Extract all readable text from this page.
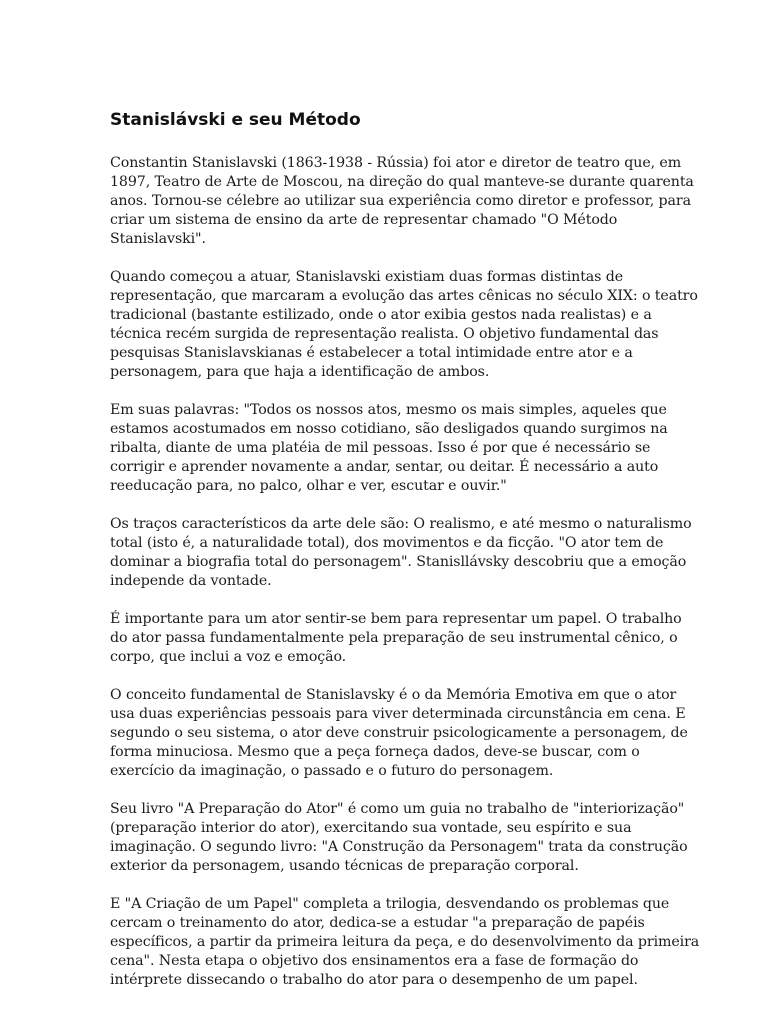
Stanislávski e seu Método

Constantin Stanislavski (1863-1938 - Rússia) foi ator e diretor de teatro que, em 1897, Teatro de Arte de Moscou, na direção do qual manteve-se durante quarenta anos. Tornou-se célebre ao utilizar sua experiência como diretor e professor, para criar um sistema de ensino da arte de representar chamado "O Método Stanislavski".

Quando começou a atuar, Stanislavski existiam duas formas distintas de representação, que marcaram a evolução das artes cênicas no século XIX: o teatro tradicional (bastante estilizado, onde o ator exibia gestos nada realistas) e a técnica recém surgida de representação realista. O objetivo fundamental das pesquisas Stanislavskianas é estabelecer a total intimidade entre ator e a personagem, para que haja a identificação de ambos.

Em suas palavras: "Todos os nossos atos, mesmo os mais simples, aqueles que estamos acostumados em nosso cotidiano, são desligados quando surgimos na ribalta, diante de uma platéia de mil pessoas. Isso é por que é necessário se corrigir e aprender novamente a andar, sentar, ou deitar. É necessário a auto reeducação para, no palco, olhar e ver, escutar e ouvir."

Os traços característicos da arte dele são: O realismo, e até mesmo o naturalismo total (isto é, a naturalidade total), dos movimentos e da ficção. "O ator tem de dominar a biografia total do personagem". Stanisllávsky descobriu que a emoção independe da vontade.

É importante para um ator sentir-se bem para representar um papel. O trabalho do ator passa fundamentalmente pela preparação de seu instrumental cênico, o corpo, que inclui a voz e emoção.

O conceito fundamental de Stanislavsky é o da Memória Emotiva em que o ator usa duas experiências pessoais para viver determinada circunstância em cena. E segundo o seu sistema, o ator deve construir psicologicamente a personagem, de forma minuciosa. Mesmo que a peça forneça dados, deve-se buscar, com o exercício da imaginação, o passado e o futuro do personagem.

Seu livro "A Preparação do Ator" é como um guia no trabalho de "interiorização" (preparação interior do ator), exercitando sua vontade, seu espírito e sua imaginação. O segundo livro: "A Construção da Personagem" trata da construção exterior da personagem, usando técnicas de preparação corporal.

E "A Criação de um Papel" completa a trilogia, desvendando os problemas que cercam o treinamento do ator, dedica-se a estudar "a preparação de papéis específicos, a partir da primeira leitura da peça, e do desenvolvimento da primeira cena". Nesta etapa o objetivo dos ensinamentos era a fase de formação do intérprete dissecando o trabalho do ator para o desempenho de um papel.
